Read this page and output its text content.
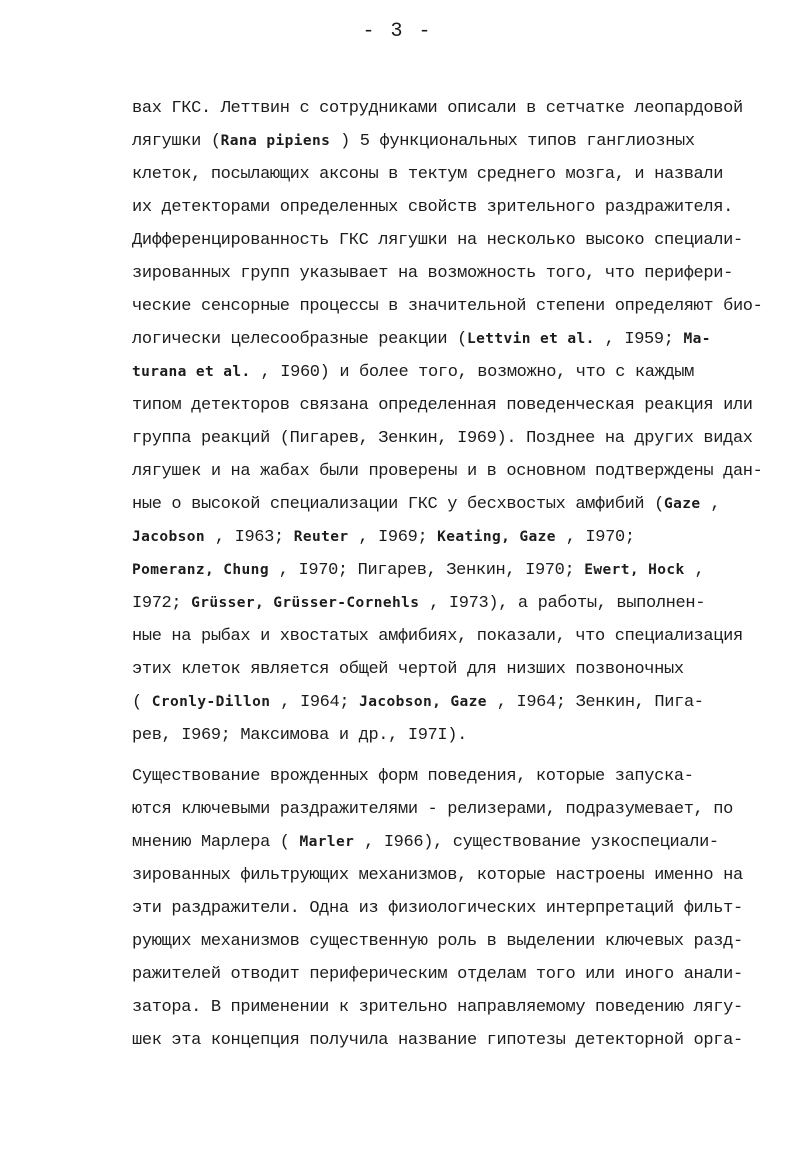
- 3 -
вах ГКС. Леттвин с сотрудниками описали в сетчатке леопардовой
лягушки (Rana pipiens ) 5 функциональных типов ганглиозных
клеток, посылающих аксоны в тектум среднего мозга, и назвали
их детекторами определенных свойств зрительного раздражителя.
Дифференцированность ГКС лягушки на несколько высоко специали-
зированных групп указывает на возможность того, что перифери-
ческие сенсорные процессы в значительной степени определяют био-
логически целесообразные реакции (Lettvin et al. , I959; Ma-
turana et al. , I960) и более того, возможно, что с каждым
типом детекторов связана определенная поведенческая реакция или
группа реакций (Пигарев, Зенкин, I969). Позднее на других видах
лягушек и на жабах были проверены и в основном подтверждены дан-
ные о высокой специализации ГКС у бесхвостых амфибий (Gaze ,
Jacobson , I963; Reuter , I969; Keating, Gaze , I970;
Pomeranz, Chung , I970; Пигарев, Зенкин, I970; Ewert, Hock ,
I972; Grüsser, Grüsser-Cornehls , I973), а работы, выполнен-
ные на рыбах и хвостатых амфибиях, показали, что специализация
этих клеток является общей чертой для низших позвоночных
( Cronly-Dillon , I964; Jacobson, Gaze , I964; Зенкин, Пига-
рев, I969; Максимова и др., I97I).
Существование врожденных форм поведения, которые запуска-
ются ключевыми раздражителями - релизерами, подразумевает, по
мнению Марлера ( Marler , I966), существование узкоспециали-
зированных фильтрующих механизмов, которые настроены именно на
эти раздражители. Одна из физиологических интерпретаций фильт-
рующих механизмов существенную роль в выделении ключевых разд-
ражителей отводит периферическим отделам того или иного анали-
затора. В применении к зрительно направляемому поведению лягу-
шек эта концепция получила название гипотезы детекторной орга-
